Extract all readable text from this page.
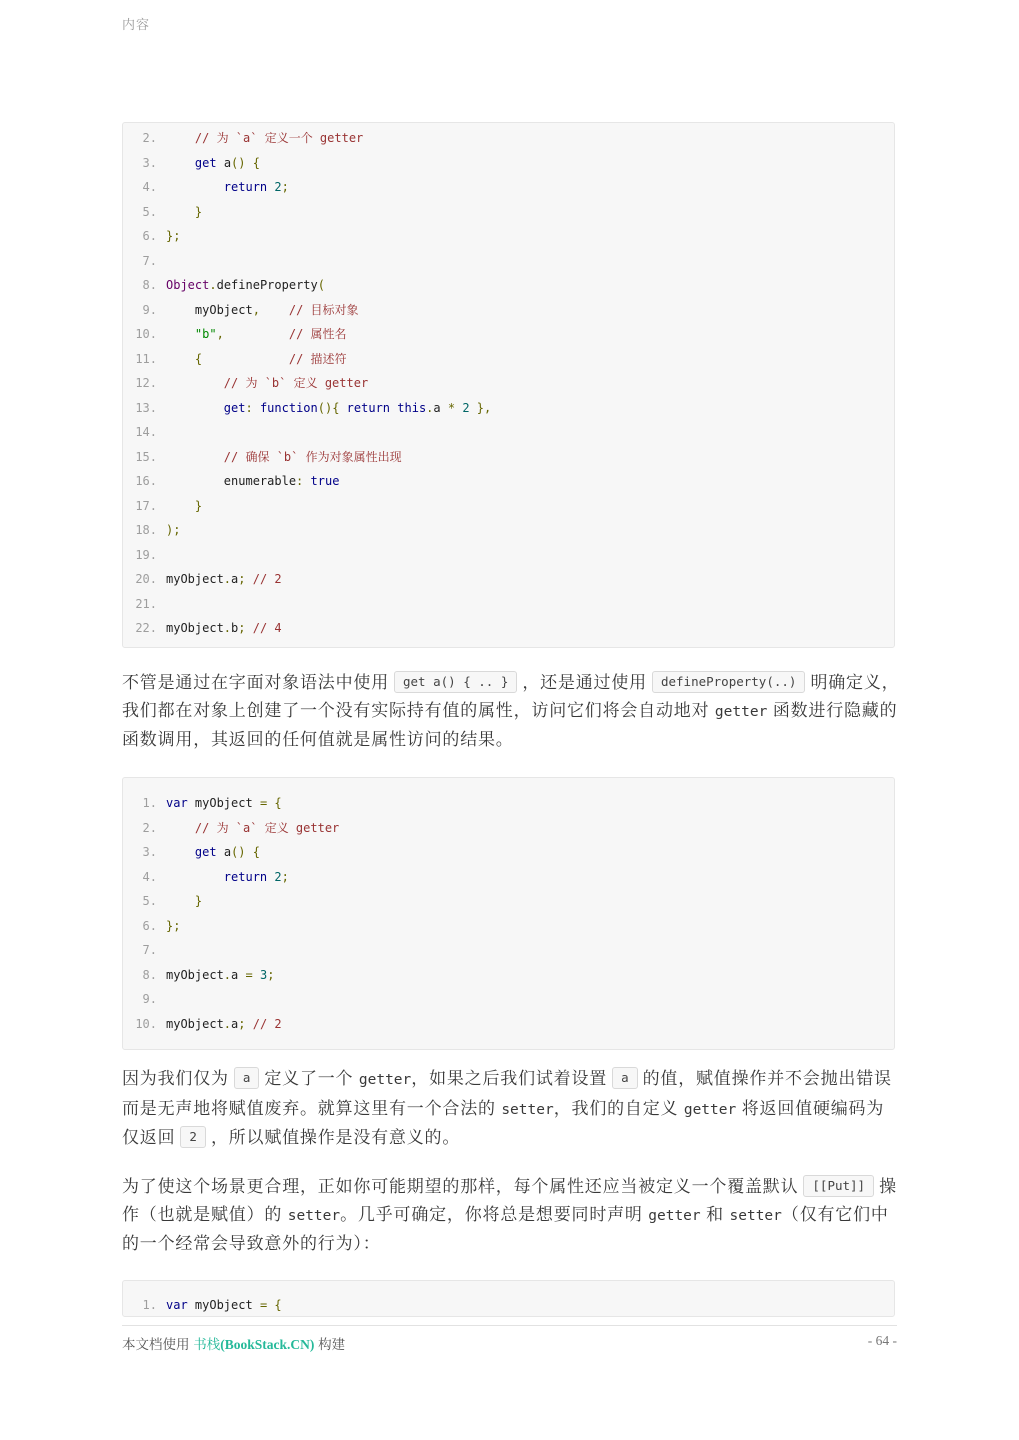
内容
2.	// 为 `a` 定义一个 getter
3.	get a() {
4.	return 2;
5.	}
6. };
7.
8. Object.defineProperty(
9.    myObject, // 目标对象
10.	"b",	// 属性名
11.	{	// 描述符
12.	// 为 `b` 定义 getter
13.	get: function(){ return this.a * 2 },
14.
15.	// 确保 `b` 作为对象属性出现
16.        enumerable: true
17.	}
18. );
19.
20. myObject.a; // 2
21.
22. myObject.b; // 4
不管是通过在字面对象语法中使用 get a() { .. } ，还是通过使用 defineProperty(..) 明确定义，我们都在对象上创建了一个没有实际持有值的属性，访问它们将会自动地对 getter 函数进行隐藏的函数调用，其返回的任何值就是属性访问的结果。
1. var myObject = {
2.	// 为 `a` 定义 getter
3.	get a() {
4.	return 2;
5.	}
6. };
7.
8. myObject.a = 3;
9.
10. myObject.a; // 2
因为我们仅为 a 定义了一个 getter，如果之后我们试着设置 a 的值，赋值操作并不会抛出错误而是无声地将赋值废弃。就算这里有一个合法的 setter，我们的自定义 getter 将返回值硬编码为仅返回 2 ，所以赋值操作是没有意义的。
为了使这个场景更合理，正如你可能期望的那样，每个属性还应当被定义一个覆盖默认 [[Put]] 操作（也就是赋值）的 setter。几乎可确定，你将总是想要同时声明 getter 和 setter（仅有它们中的一个经常会导致意外的行为）：
1. var myObject = {
本文档使用 书栈(BookStack.CN) 构建	- 64 -
